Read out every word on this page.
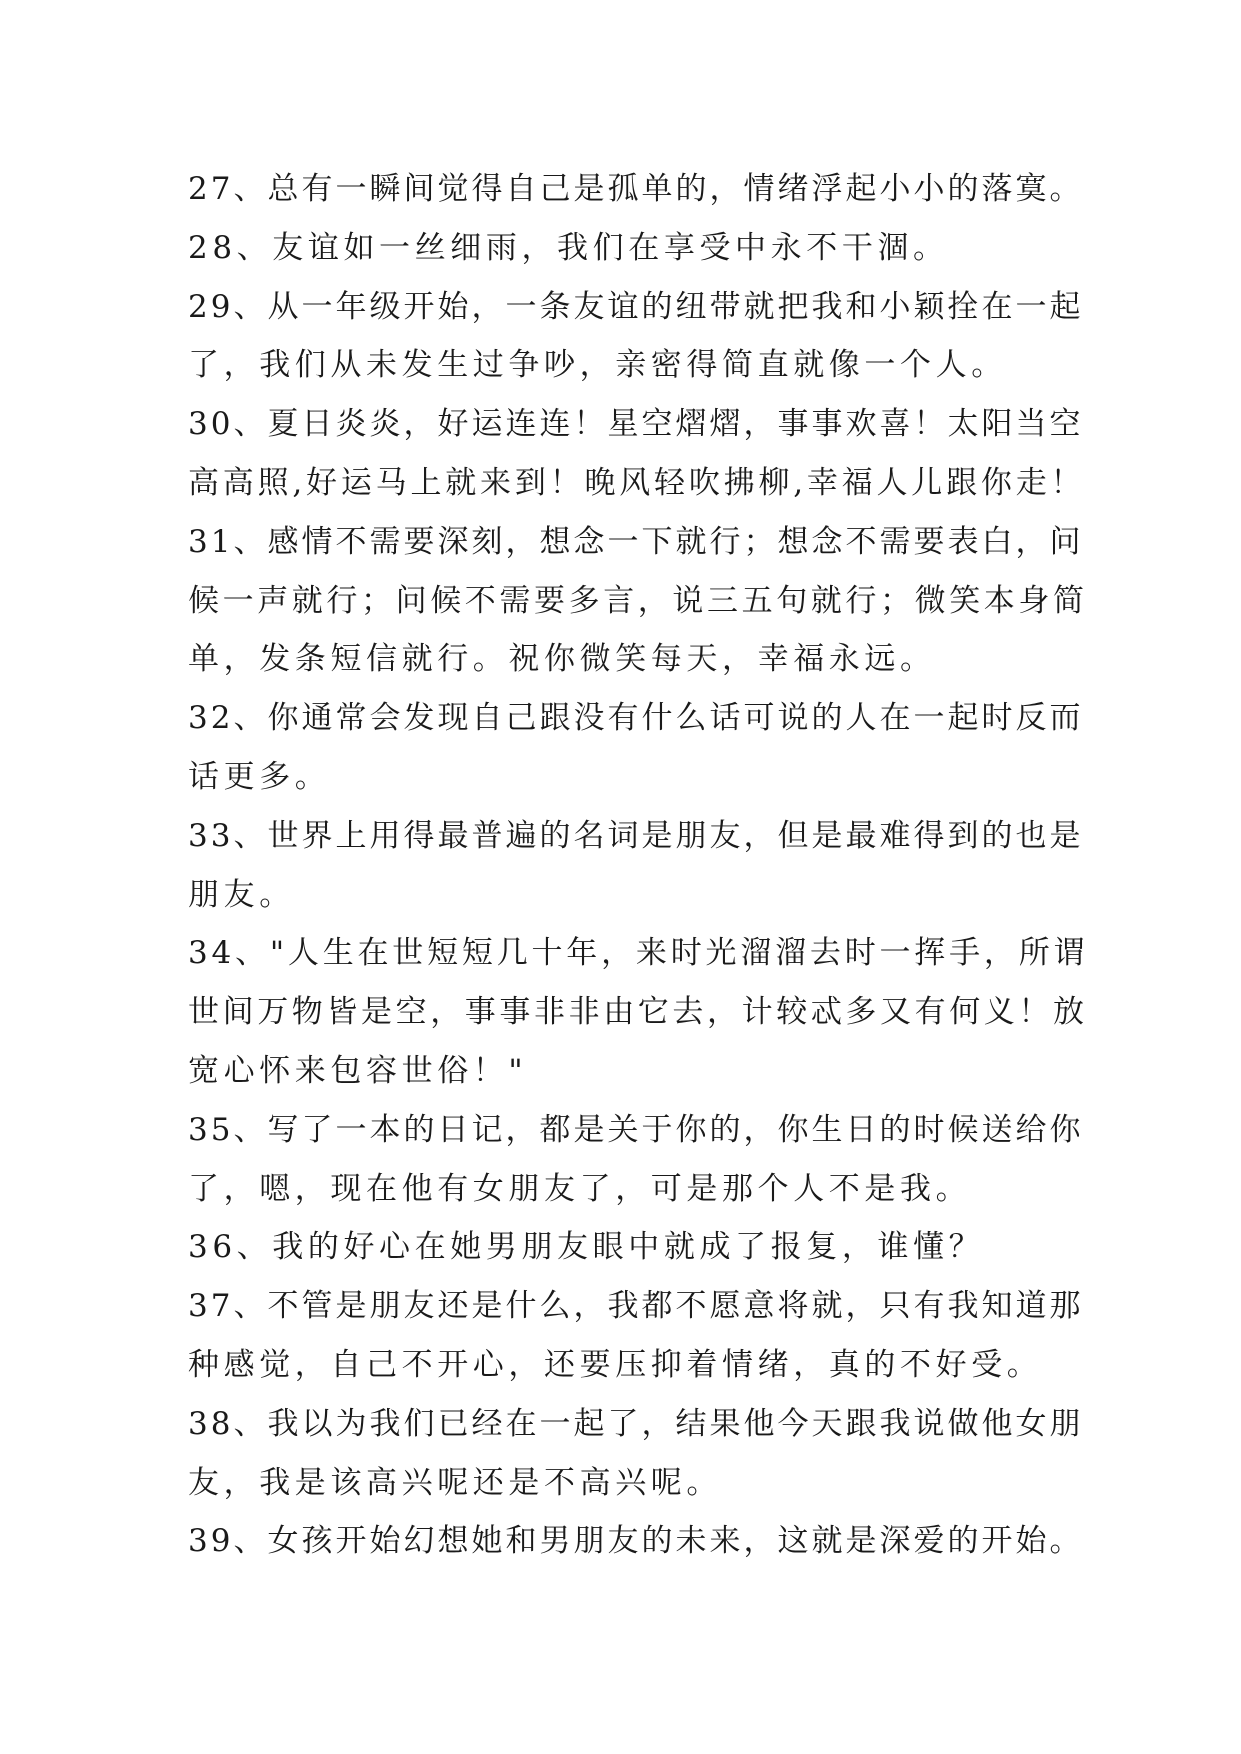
27、总有一瞬间觉得自己是孤单的，情绪浮起小小的落寞。
28、友谊如一丝细雨，我们在享受中永不干涸。
29、从一年级开始，一条友谊的纽带就把我和小颖拴在一起
了，我们从未发生过争吵，亲密得简直就像一个人。
30、夏日炎炎，好运连连！星空熠熠，事事欢喜！太阳当空
高高照,好运马上就来到！晚风轻吹拂柳,幸福人儿跟你走！
31、感情不需要深刻，想念一下就行；想念不需要表白，问
候一声就行；问候不需要多言，说三五句就行；微笑本身简
单，发条短信就行。祝你微笑每天，幸福永远。
32、你通常会发现自己跟没有什么话可说的人在一起时反而
话更多。
33、世界上用得最普遍的名词是朋友，但是最难得到的也是
朋友。
34、"人生在世短短几十年，来时光溜溜去时一挥手，所谓
世间万物皆是空，事事非非由它去，计较忒多又有何义！放
宽心怀来包容世俗！"
35、写了一本的日记，都是关于你的，你生日的时候送给你
了，嗯，现在他有女朋友了，可是那个人不是我。
36、我的好心在她男朋友眼中就成了报复，谁懂？
37、不管是朋友还是什么，我都不愿意将就，只有我知道那
种感觉，自己不开心，还要压抑着情绪，真的不好受。
38、我以为我们已经在一起了，结果他今天跟我说做他女朋
友，我是该高兴呢还是不高兴呢。
39、女孩开始幻想她和男朋友的未来，这就是深爱的开始。
